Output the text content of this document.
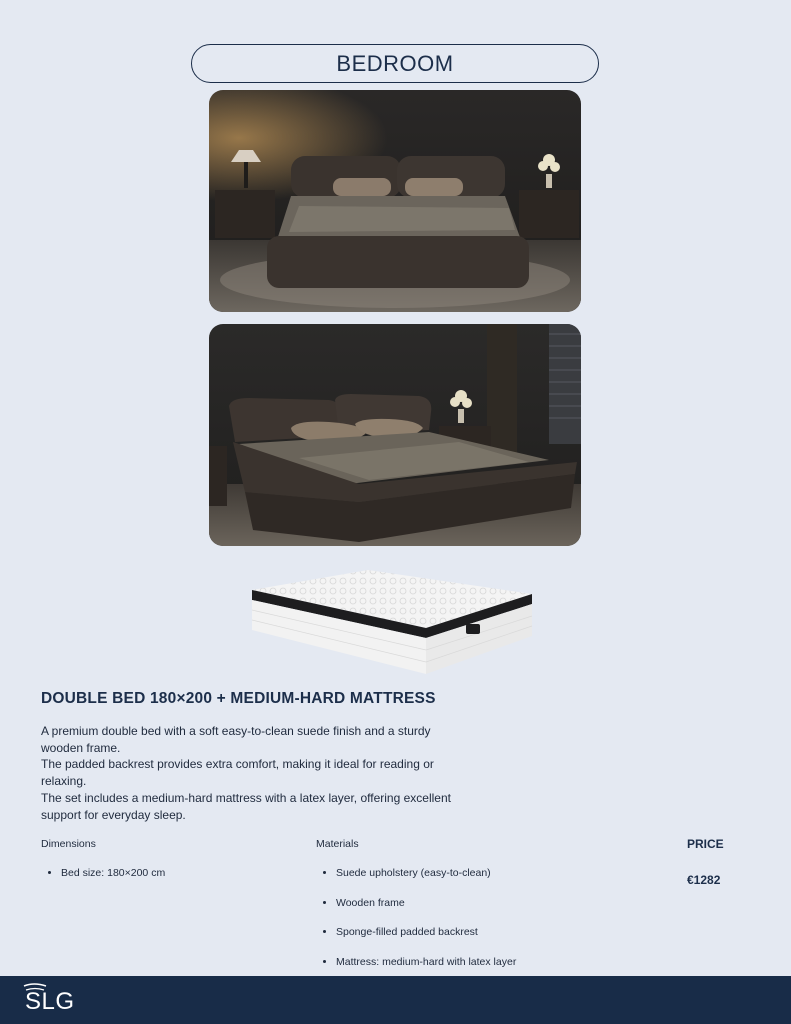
BEDROOM
DOUBLE BED 180×200 + MEDIUM-HARD MATTRESS

A premium double bed with a soft easy-to-clean suede finish and a sturdy wooden frame.

The padded backrest provides extra comfort, making it ideal for reading or relaxing.

The set includes a medium-hard mattress with a latex layer, offering excellent support for everyday sleep.

Dimensions
• Bed size: 180×200 cm
Materials
• Suede upholstery (easy-to-clean)
• Wooden frame
• Sponge-filled padded backrest
• Mattress: medium-hard with latex layer
PRICE
€1282
SLG
